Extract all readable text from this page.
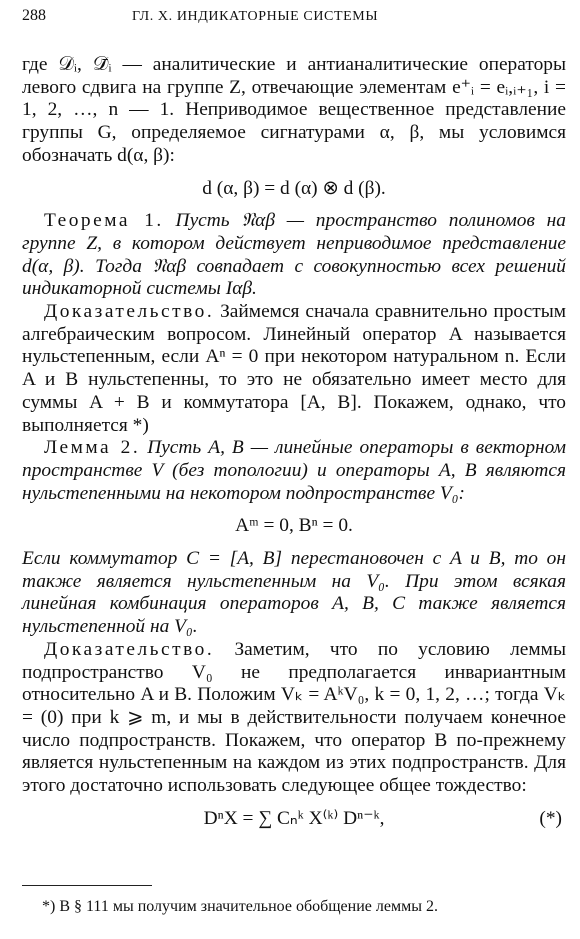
288	ГЛ. X. ИНДИКАТОРНЫЕ СИСТЕМЫ

где 𝒟ᵢ, 𝒟̄ᵢ — аналитические и антианалитические операторы левого сдвига на группе Z, отвечающие элементам e⁺ᵢ = eᵢ,ᵢ₊₁, i = 1, 2, …, n — 1. Неприводимое вещественное представление группы G, определяемое сигнатурами α, β, мы условимся обозначать d(α, β):

d (α, β) = d (α) ⊗ d (β).

Теорема 1. Пусть 𝔑αβ — пространство полиномов на группе Z, в котором действует неприводимое представление d(α, β). Тогда 𝔑αβ совпадает с совокупностью всех решений индикаторной системы Iαβ.

Доказательство. Займемся сначала сравнительно простым алгебраическим вопросом. Линейный оператор A называется нульстепенным, если Aⁿ = 0 при некотором натуральном n. Если A и B нульстепенны, то это не обязательно имеет место для суммы A + B и коммутатора [A, B]. Покажем, однако, что выполняется *)

Лемма 2. Пусть A, B — линейные операторы в векторном пространстве V (без топологии) и операторы A, B являются нульстепенными на некотором подпространстве V₀:

Aᵐ = 0, Bⁿ = 0.

Если коммутатор C = [A, B] перестановочен с A и B, то он также является нульстепенным на V₀. При этом всякая линейная комбинация операторов A, B, C также является нульстепенной на V₀.

Доказательство. Заметим, что по условию леммы подпространство V₀ не предполагается инвариантным относительно A и B. Положим Vₖ = AᵏV₀, k = 0, 1, 2, …; тогда Vₖ = (0) при k ⩾ m, и мы в действительности получаем конечное число подпространств. Покажем, что оператор B по-прежнему является нульстепенным на каждом из этих подпространств. Для этого достаточно использовать следующее общее тождество:

DⁿX = ∑ Cₙᵏ X⁽ᵏ⁾ Dⁿ⁻ᵏ,	(*)
*) В § 111 мы получим значительное обобщение леммы 2.
